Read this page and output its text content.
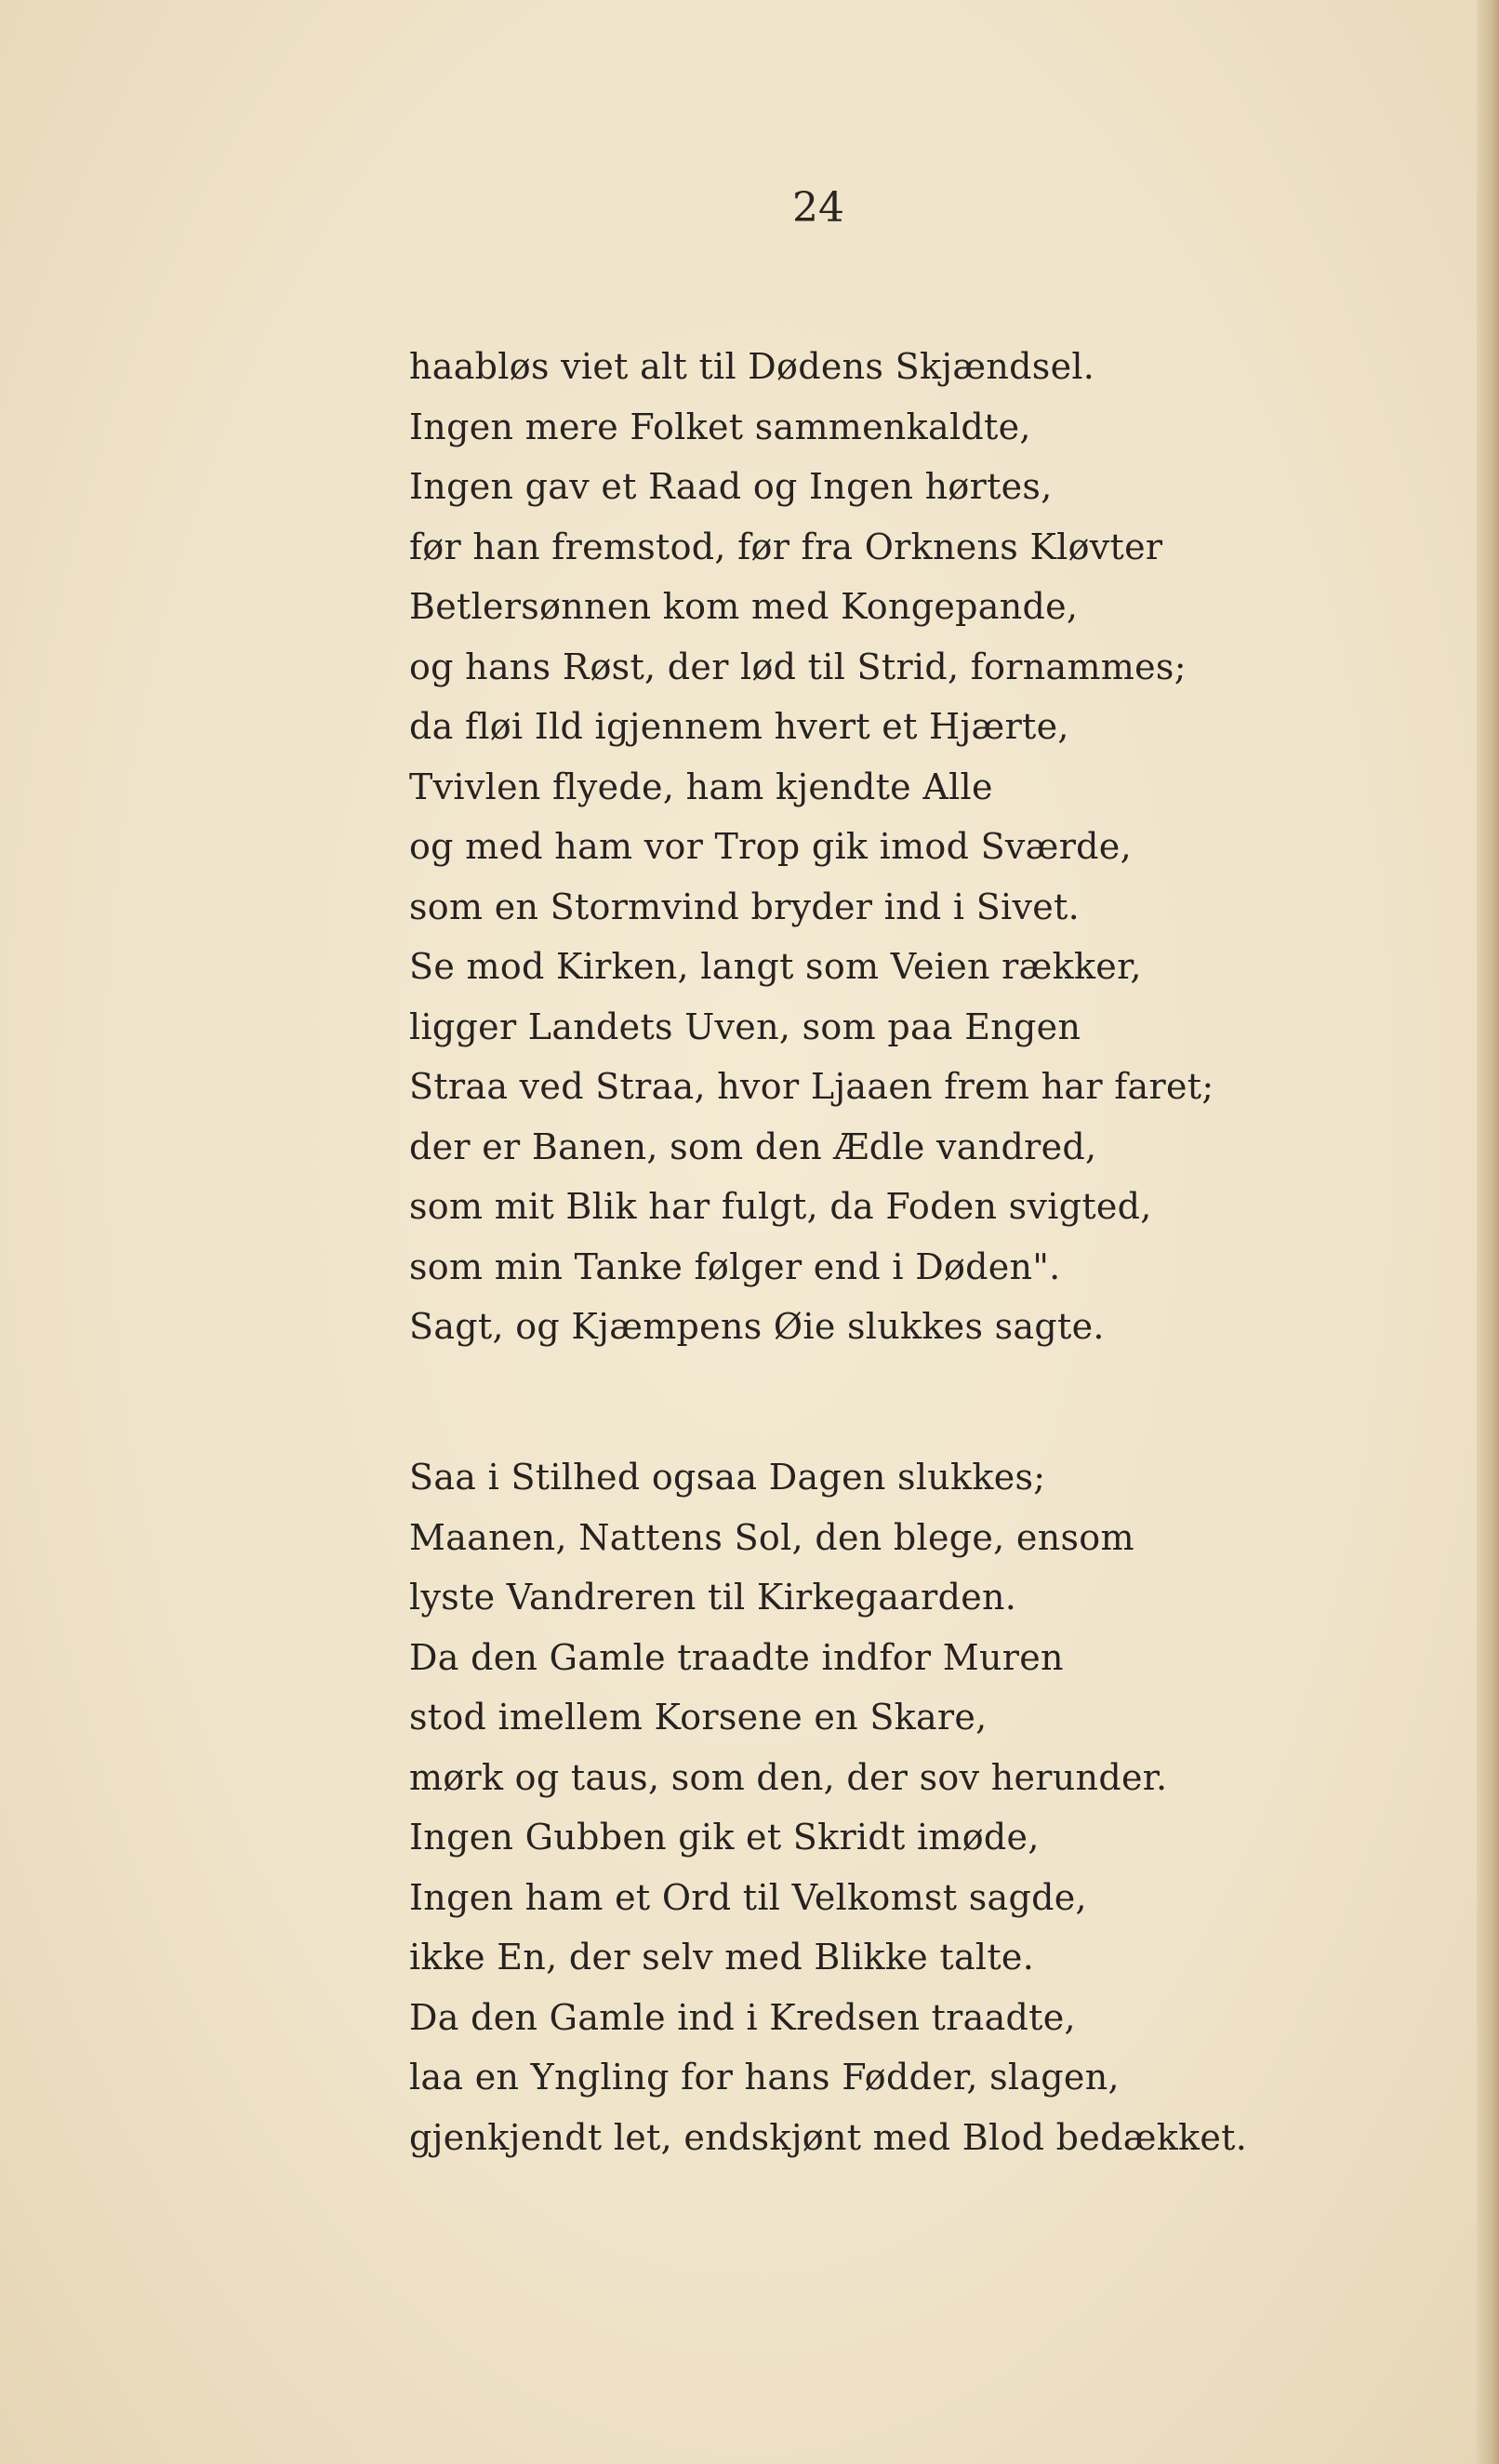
24
haabløs viet alt til Dødens Skjændsel.
Ingen mere Folket sammenkaldte,
Ingen gav et Raad og Ingen hørtes,
før han fremstod, før fra Orknens Kløvter
Betlersønnen kom med Kongepande,
og hans Røst, der lød til Strid, fornammes;
da fløi Ild igjennem hvert et Hjærte,
Tvivlen flyede, ham kjendte Alle
og med ham vor Trop gik imod Sværde,
som en Stormvind bryder ind i Sivet.
Se mod Kirken, langt som Veien rækker,
ligger Landets Uven, som paa Engen
Straa ved Straa, hvor Ljaaen frem har faret;
der er Banen, som den Ædle vandred,
som mit Blik har fulgt, da Foden svigted,
som min Tanke følger end i Døden".
Sagt, og Kjæmpens Øie slukkes sagte.
Saa i Stilhed ogsaa Dagen slukkes;
Maanen, Nattens Sol, den blege, ensom
lyste Vandreren til Kirkegaarden.
Da den Gamle traadte indfor Muren
stod imellem Korsene en Skare,
mørk og taus, som den, der sov herunder.
Ingen Gubben gik et Skridt imøde,
Ingen ham et Ord til Velkomst sagde,
ikke En, der selv med Blikke talte.
Da den Gamle ind i Kredsen traadte,
laa en Yngling for hans Fødder, slagen,
gjenkjendt let, endskjønt med Blod bedækket.
